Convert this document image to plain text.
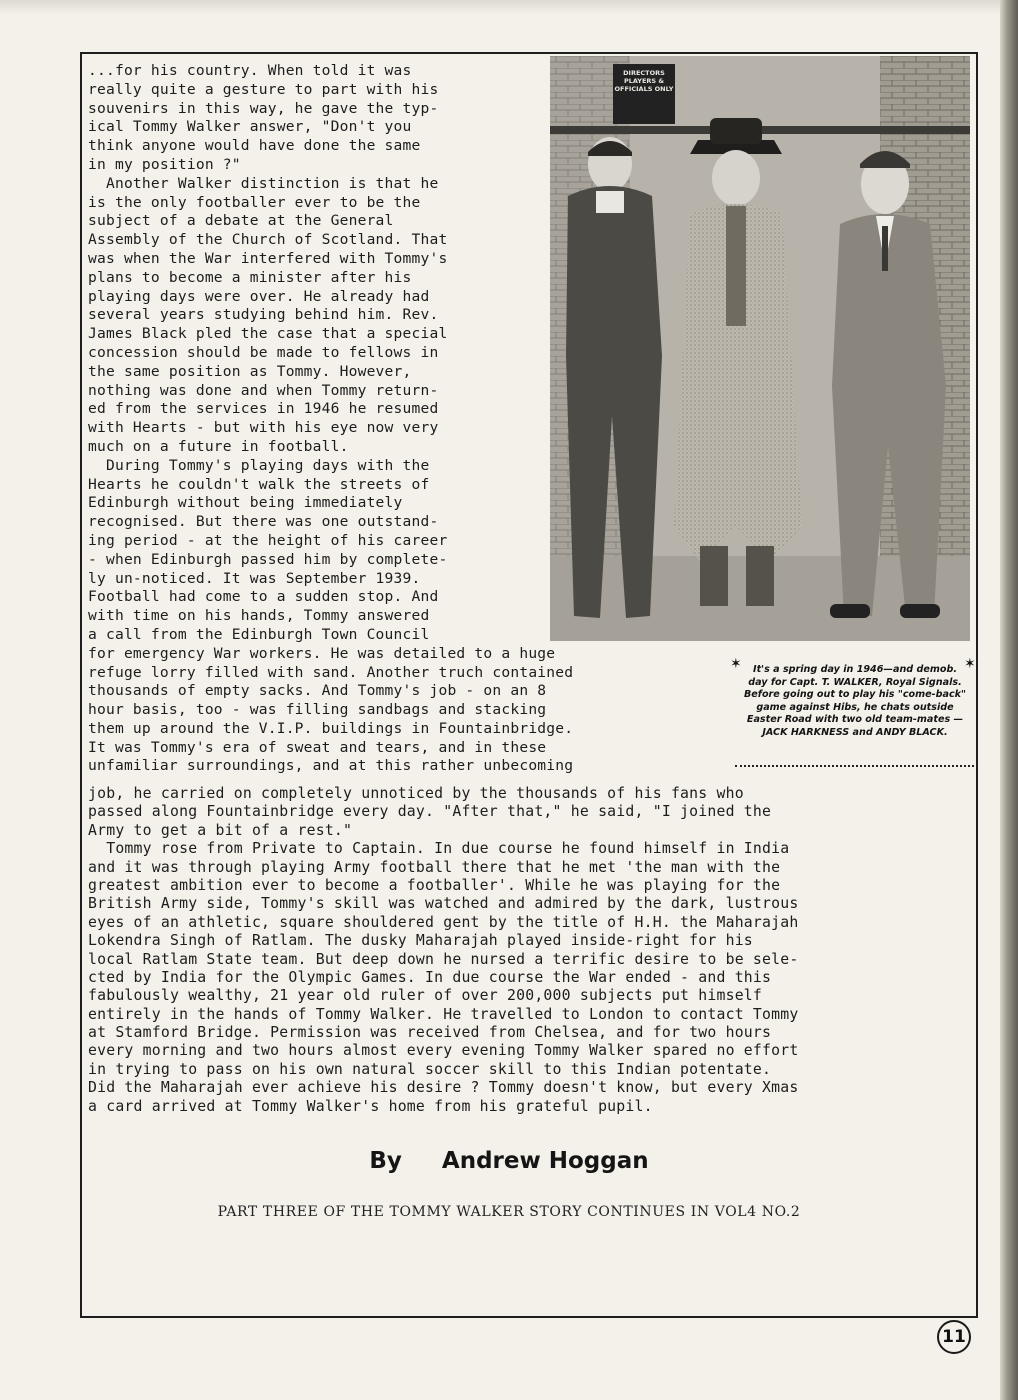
...for his country. When told it was
really quite a gesture to part with his
souvenirs in this way, he gave the typ-
ical Tommy Walker answer, "Don't you
think anyone would have done the same
in my position ?"
Another Walker distinction is that he
is the only footballer ever to be the
subject of a debate at the General
Assembly of the Church of Scotland. That
was when the War interfered with Tommy's
plans to become a minister after his
playing days were over. He already had
several years studying behind him. Rev.
James Black pled the case that a special
concession should be made to fellows in
the same position as Tommy. However,
nothing was done and when Tommy return-
ed from the services in 1946 he resumed
with Hearts - but with his eye now very
much on a future in football.
During Tommy's playing days with the
Hearts he couldn't walk the streets of
Edinburgh without being immediately
recognised. But there was one outstand-
ing period - at the height of his career
- when Edinburgh passed him by complete-
ly un-noticed. It was September 1939.
Football had come to a sudden stop. And
with time on his hands, Tommy answered
a call from the Edinburgh Town Council
for emergency War workers. He was detailed to a huge
refuge lorry filled with sand. Another truch contained
thousands of empty sacks. And Tommy's job - on an 8
hour basis, too - was filling sandbags and stacking
them up around the V.I.P. buildings in Fountainbridge.
It was Tommy's era of sweat and tears, and in these
unfamiliar surroundings, and at this rather unbecoming
DIRECTORS PLAYERS & OFFICIALS ONLY
✶	✶
It's a spring day in 1946—and demob. day for Capt. T. WALKER, Royal Signals. Before going out to play his "come-back" game against Hibs, he chats outside Easter Road with two old team-mates — JACK HARKNESS and ANDY BLACK.
job, he carried on completely unnoticed by the thousands of his fans who
passed along Fountainbridge every day. "After that," he said, "I joined the
Army to get a bit of a rest."
Tommy rose from Private to Captain. In due course he found himself in India
and it was through playing Army football there that he met 'the man with the
greatest ambition ever to become a footballer'. While he was playing for the
British Army side, Tommy's skill was watched and admired by the dark, lustrous
eyes of an athletic, square shouldered gent by the title of H.H. the Maharajah
Lokendra Singh of Ratlam. The dusky Maharajah played inside-right for his
local Ratlam State team. But deep down he nursed a terrific desire to be sele-
cted by India for the Olympic Games. In due course the War ended - and this
fabulously wealthy, 21 year old ruler of over 200,000 subjects put himself
entirely in the hands of Tommy Walker. He travelled to London to contact Tommy
at Stamford Bridge. Permission was received from Chelsea, and for two hours
every morning and two hours almost every evening Tommy Walker spared no effort
in trying to pass on his own natural soccer skill to this Indian potentate.
Did the Maharajah ever achieve his desire ? Tommy doesn't know, but every Xmas
a card arrived at Tommy Walker's home from his grateful pupil.
By Andrew Hoggan
PART THREE OF THE TOMMY WALKER STORY CONTINUES IN VOL4 NO.2
11
